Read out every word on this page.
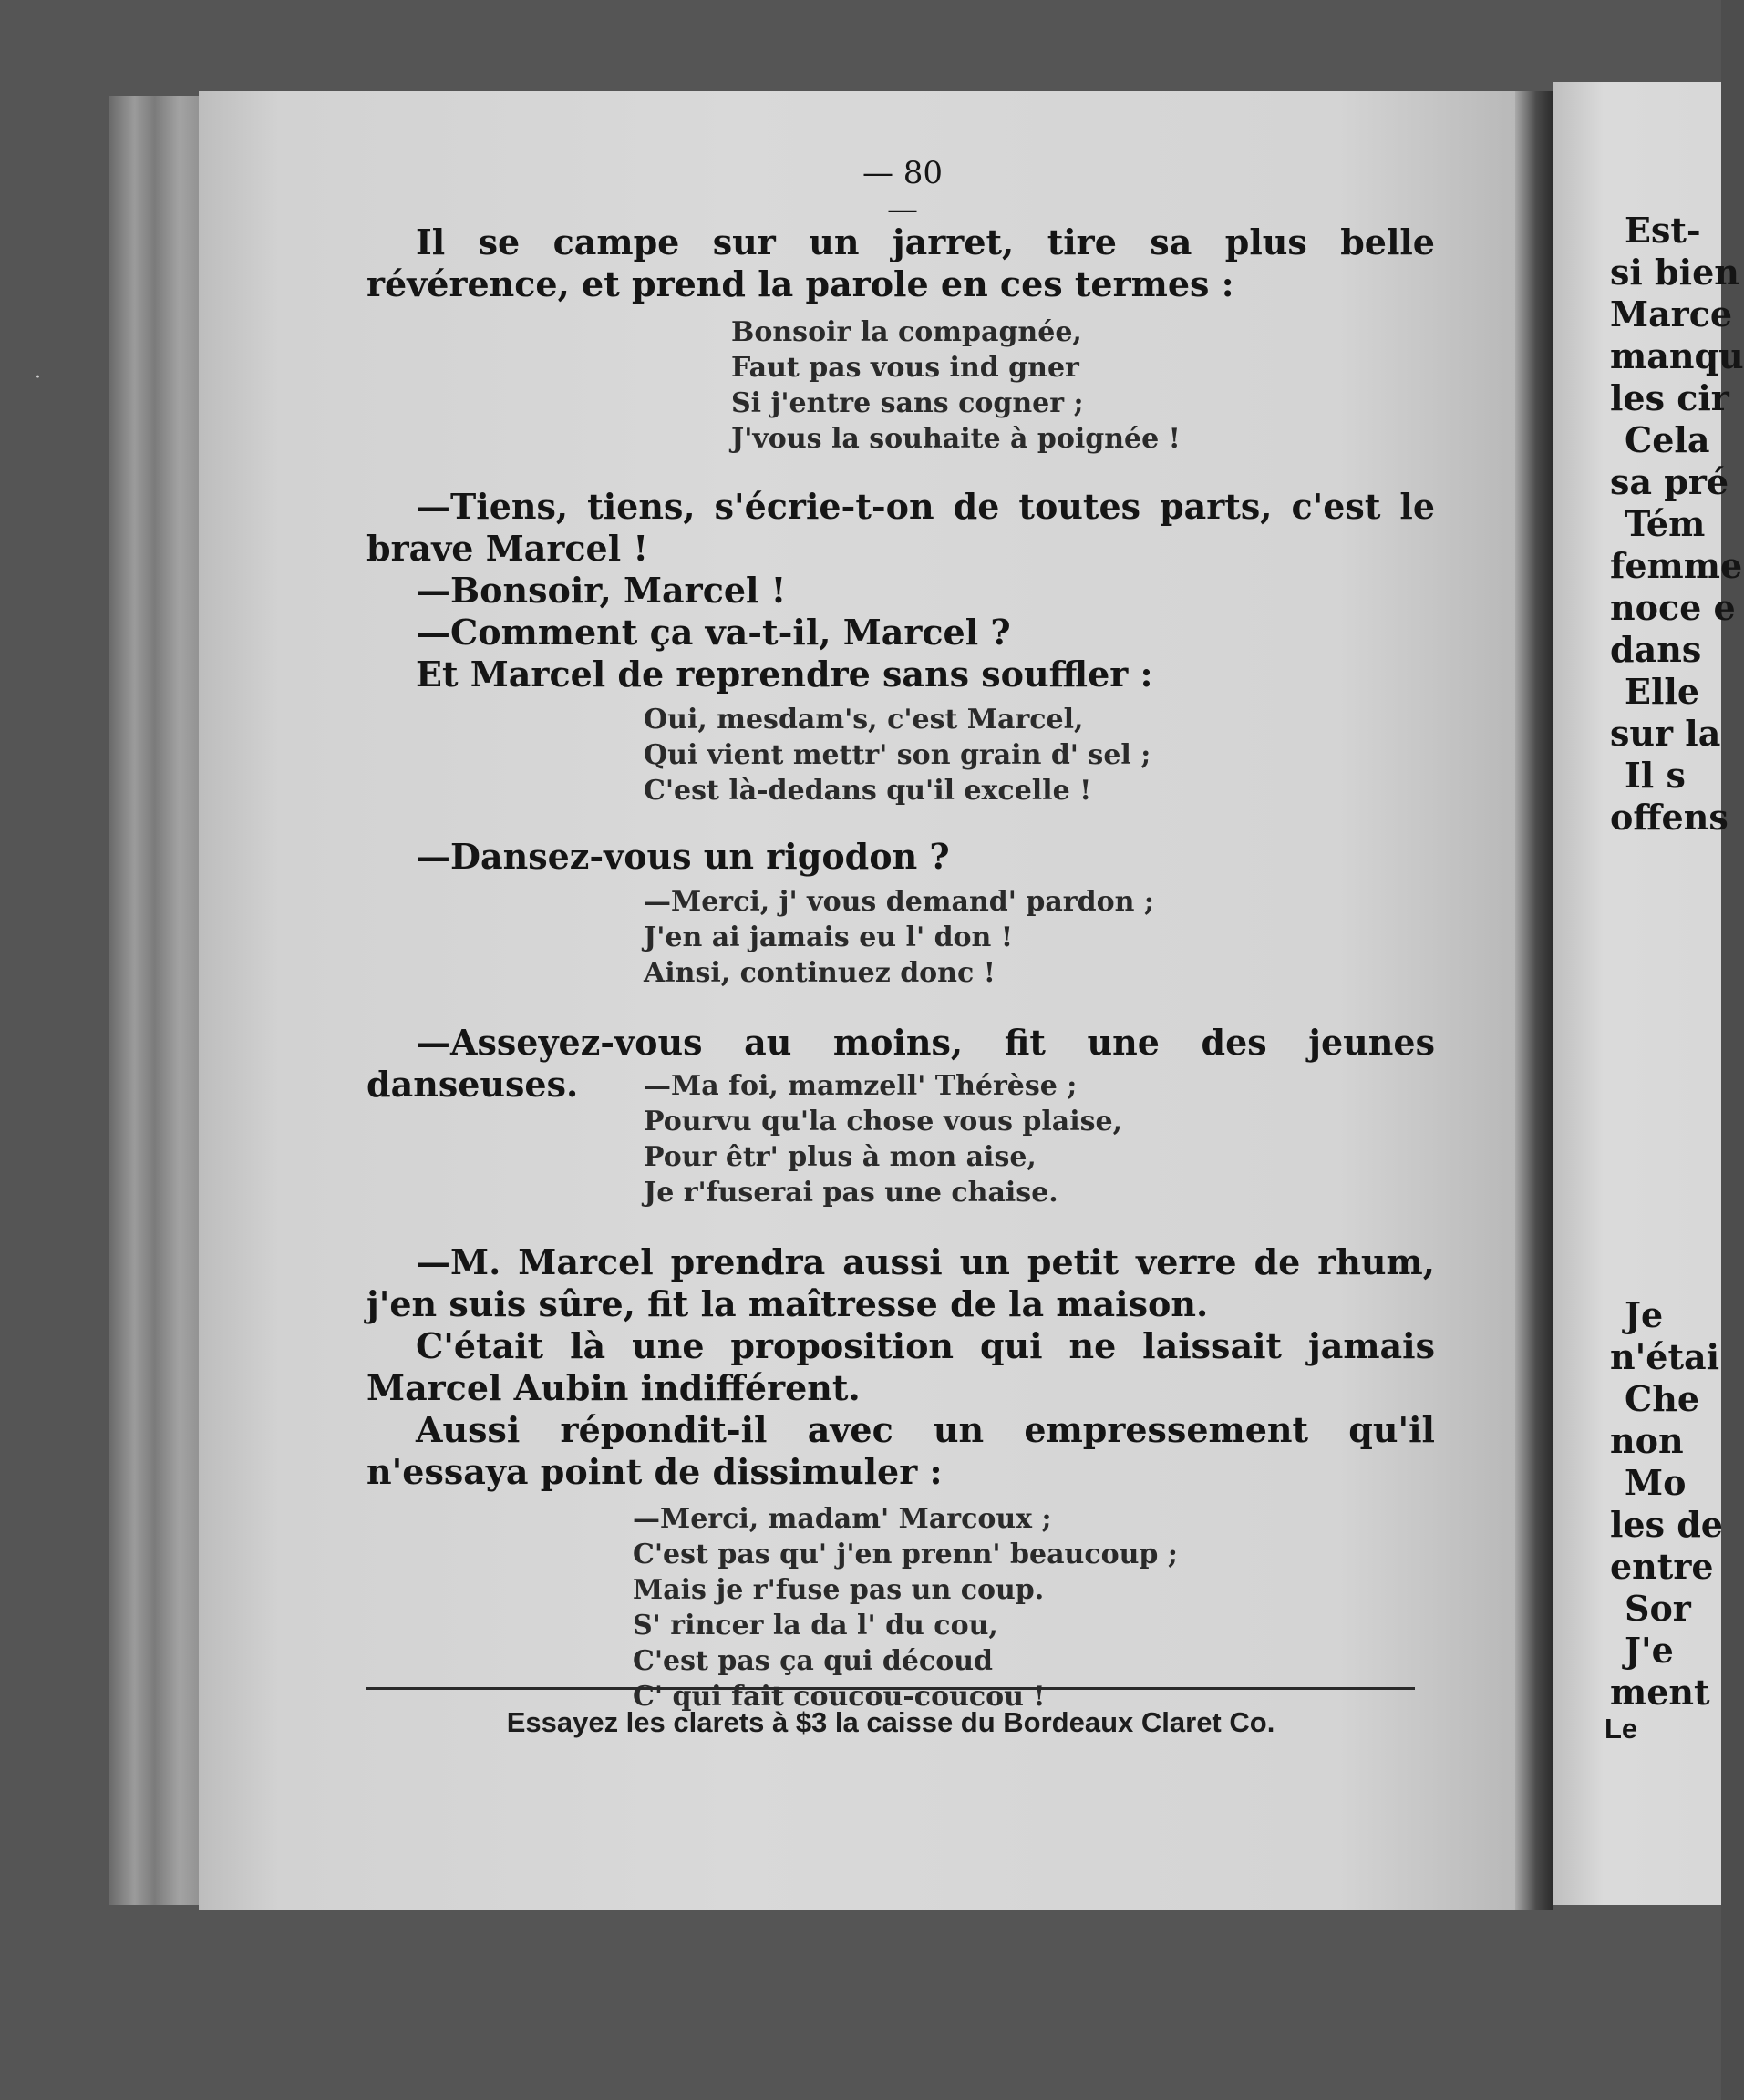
·
— 80 —

Il se campe sur un jarret, tire sa plus belle révérence, et prend la parole en ces termes :

Bonsoir la compagnée,
Faut pas vous ind gner
Si j'entre sans cogner ;
J'vous la souhaite à poignée !

—Tiens, tiens, s'écrie-t-on de toutes parts, c'est le brave Marcel !

—Bonsoir, Marcel !

—Comment ça va-t-il, Marcel ?

Et Marcel de reprendre sans souffler :

Oui, mesdam's, c'est Marcel,
Qui vient mettr' son grain d' sel ;
C'est là-dedans qu'il excelle !

—Dansez-vous un rigodon ?

—Merci, j' vous demand' pardon ;
J'en ai jamais eu l' don !
Ainsi, continuez donc !

—Asseyez-vous au moins, fit une des jeunes danseuses.	—Ma foi, mamzell' Thérèse ;
Pourvu qu'la chose vous plaise,
Pour êtr' plus à mon aise,
Je r'fuserai pas une chaise.

—M. Marcel prendra aussi un petit verre de rhum, j'en suis sûre, fit la maîtresse de la maison.

C'était là une proposition qui ne laissait jamais Marcel Aubin indifférent.

Aussi répondit-il avec un empressement qu'il n'essaya point de dissimuler :

—Merci, madam' Marcoux ;
C'est pas qu' j'en prenn' beaucoup ;
Mais je r'fuse pas un coup.
S' rincer la da l' du cou,
C'est pas ça qui découd
C' qui fait coucou-coucou !
Essayez les clarets à $3 la caisse du Bordeaux Claret Co.

Est-

si bien

Marce

manqu

les cir

Cela

sa pré

Tém

femme

noce e

dans

Elle

sur la

Il s

offens

Je

n'étai

Che

non

Mo

les de

entre

Sor

J'e

ment

Le
